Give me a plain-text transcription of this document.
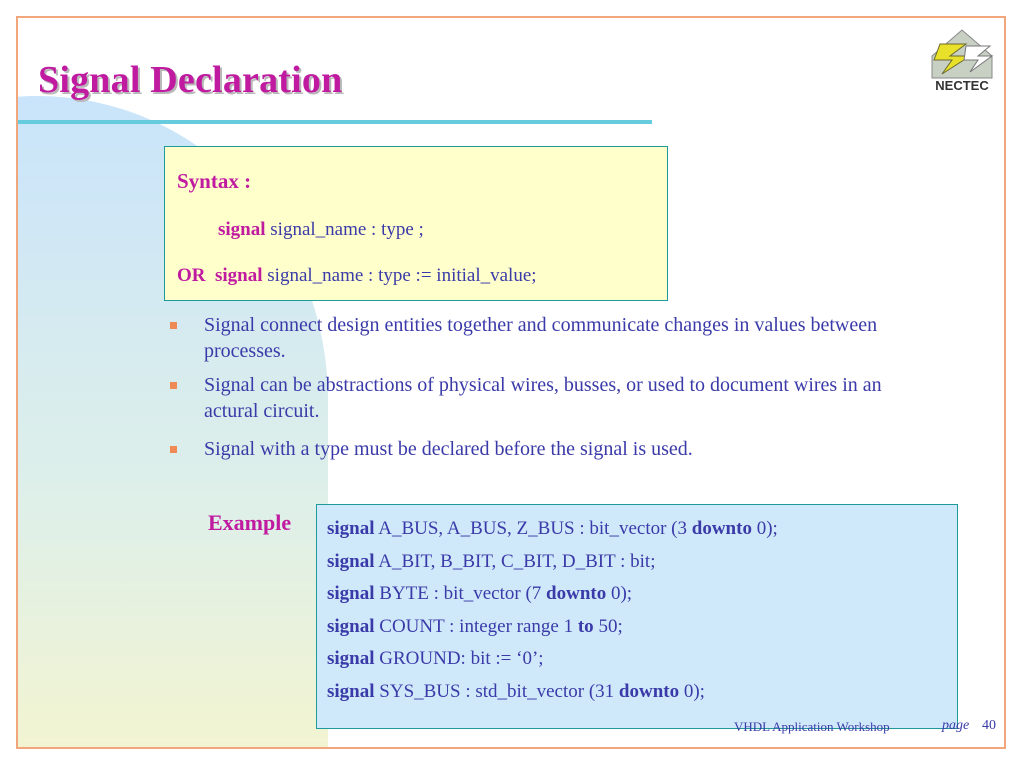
Signal Declaration	NECTEC
Syntax :
signal signal_name : type ;
OR signal signal_name : type := initial_value;
Signal connect design entities together and communicate changes in values between processes.
Signal can be abstractions of physical wires, busses, or used to document wires in an actural circuit.
Signal with a type must be declared before the signal is used.
Example signal A_BUS, A_BUS, Z_BUS : bit_vector (3 downto 0);
signal A_BIT, B_BIT, C_BIT, D_BIT : bit;
signal BYTE : bit_vector (7 downto 0);
signal COUNT : integer range 1 to 50;
signal GROUND: bit := ‘0’;
signal SYS_BUS : std_bit_vector (31 downto 0);
VHDL Application Workshop	page 40
